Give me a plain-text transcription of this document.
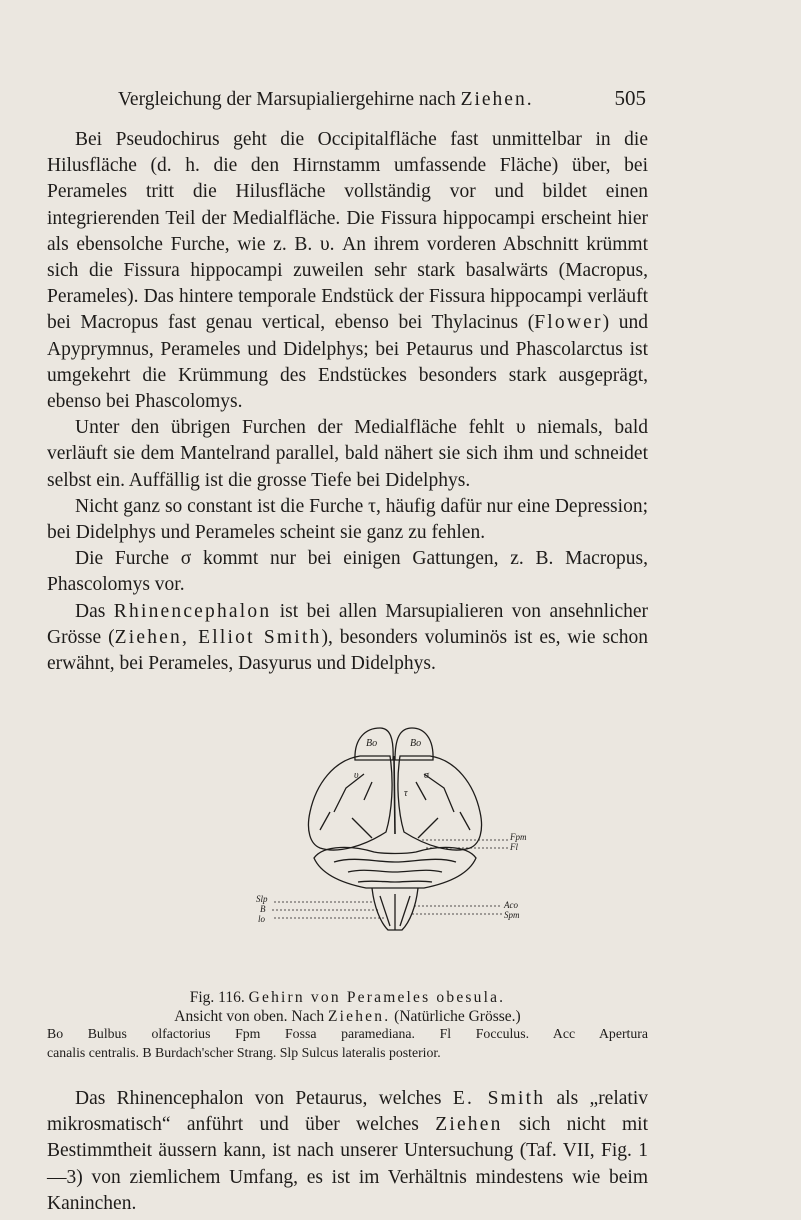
Vergleichung der Marsupialiergehirne nach Ziehen.	505

Bei Pseudochirus geht die Occipitalfläche fast unmittelbar in die Hilusfläche (d. h. die den Hirnstamm umfassende Fläche) über, bei Perameles tritt die Hilusfläche vollständig vor und bildet einen integrierenden Teil der Medialfläche. Die Fissura hippocampi erscheint hier als ebensolche Furche, wie z. B. υ. An ihrem vorderen Abschnitt krümmt sich die Fissura hippocampi zuweilen sehr stark basalwärts (Macropus, Perameles). Das hintere temporale Endstück der Fissura hippocampi verläuft bei Macropus fast genau vertical, ebenso bei Thylacinus (Flower) und Apyprymnus, Perameles und Didelphys; bei Petaurus und Phascolarctus ist umgekehrt die Krümmung des Endstückes besonders stark ausgeprägt, ebenso bei Phascolomys.

Unter den übrigen Furchen der Medialfläche fehlt υ niemals, bald verläuft sie dem Mantelrand parallel, bald nähert sie sich ihm und schneidet selbst ein. Auffällig ist die grosse Tiefe bei Didelphys.

Nicht ganz so constant ist die Furche τ, häufig dafür nur eine Depression; bei Didelphys und Perameles scheint sie ganz zu fehlen.

Die Furche σ kommt nur bei einigen Gattungen, z. B. Macropus, Phascolomys vor.

Das Rhinencephalon ist bei allen Marsupialieren von ansehnlicher Grösse (Ziehen, Elliot Smith), besonders voluminös ist es, wie schon erwähnt, bei Perameles, Dasyurus und Didelphys.

Bo	Bo
υ	σ
τ
Fpm
Fl
Slp
B
lo
Aco
Spm
Fig. 116. Gehirn von Perameles obesula.
Ansicht von oben. Nach Ziehen. (Natürliche Grösse.)
Bo Bulbus olfactorius Fpm Fossa paramediana. Fl Focculus. Acc Apertura
canalis centralis. B Burdach'scher Strang. Slp Sulcus lateralis posterior.

Das Rhinencephalon von Petaurus, welches E. Smith als „relativ mikrosmatisch“ anführt und über welches Ziehen sich nicht mit Bestimmtheit äussern kann, ist nach unserer Untersuchung (Taf. VII, Fig. 1—3) von ziemlichem Umfang, es ist im Verhältnis mindestens wie beim Kaninchen.
